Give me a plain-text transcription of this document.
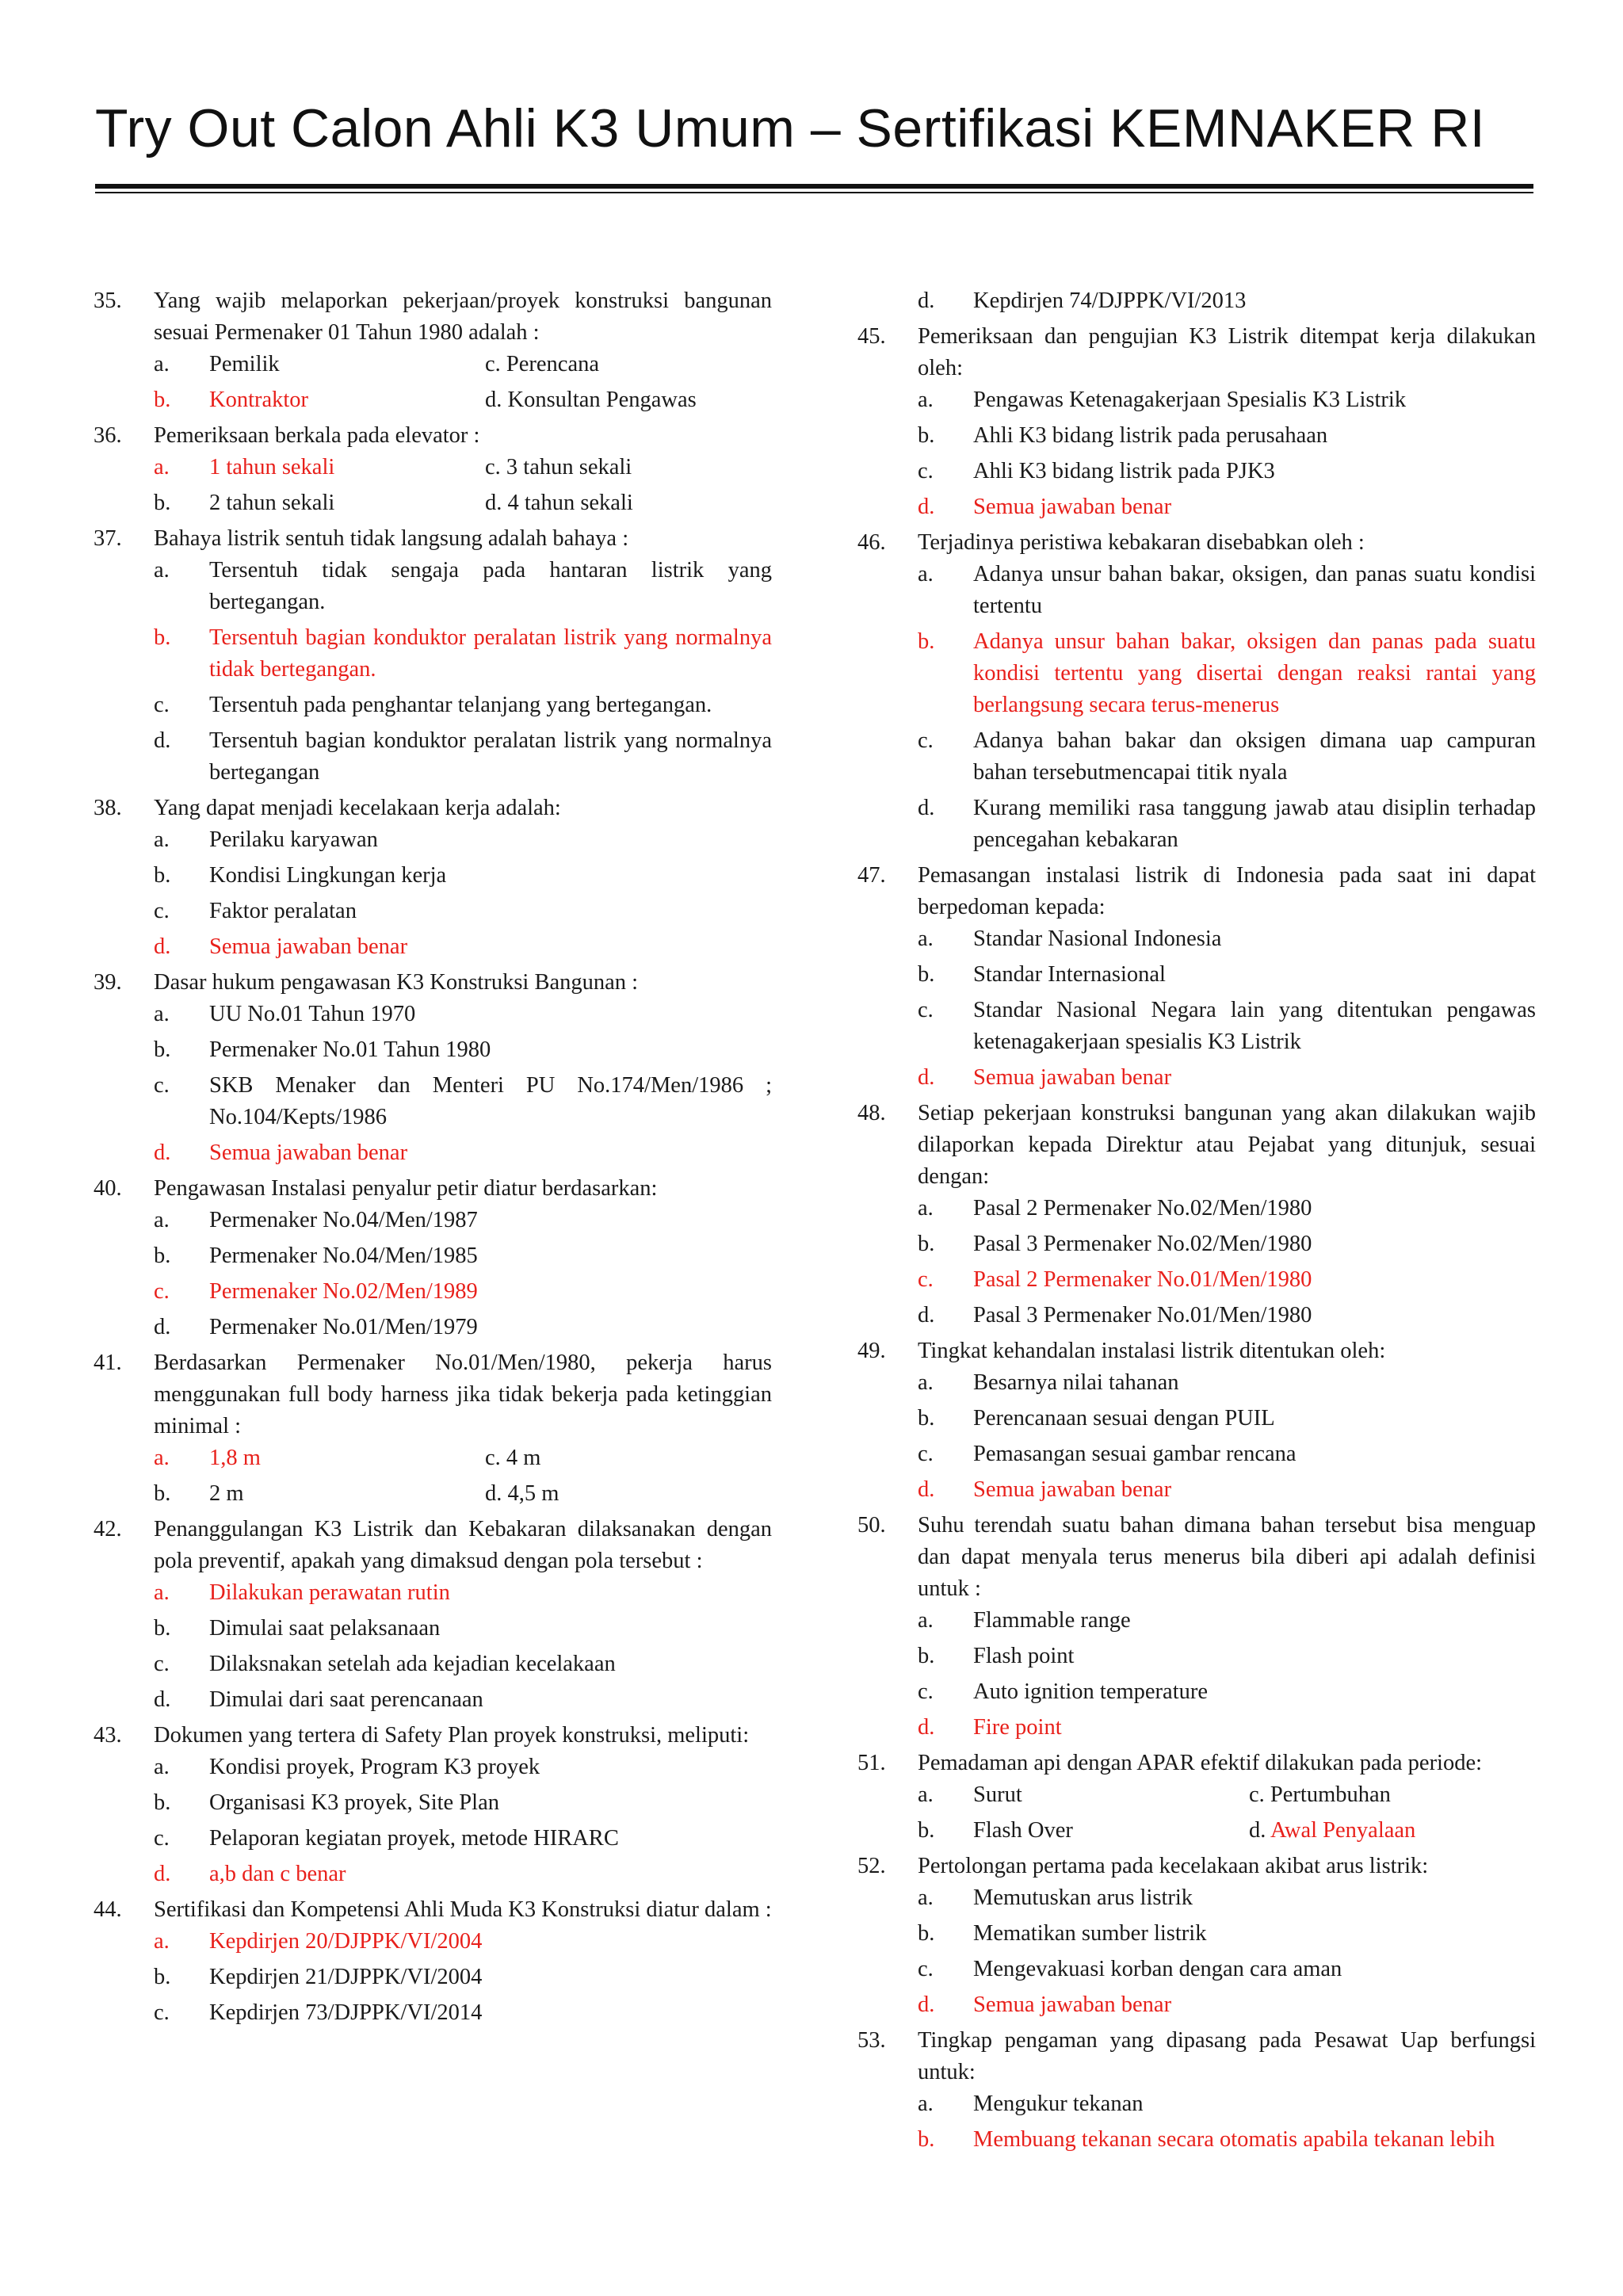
Try Out Calon Ahli K3 Umum – Sertifikasi KEMNAKER RI
35.	Yang wajib melaporkan pekerjaan/proyek konstruksi bangunan sesuai Permenaker 01 Tahun 1980 adalah :
a.	Pemilik	c. Perencana
b.	Kontraktor	d. Konsultan Pengawas
36.	Pemeriksaan berkala pada elevator :
a.	1 tahun sekali	c. 3 tahun sekali
b.	2 tahun sekali	d. 4 tahun sekali
37.	Bahaya listrik sentuh tidak langsung adalah bahaya :
a.	Tersentuh tidak sengaja pada hantaran listrik yang bertegangan.
b.	Tersentuh bagian konduktor peralatan listrik yang normalnya tidak bertegangan.
c.	Tersentuh pada penghantar telanjang yang bertegangan.
d.	Tersentuh bagian konduktor peralatan listrik yang normalnya bertegangan
38.	Yang dapat menjadi kecelakaan kerja adalah:
a.	Perilaku karyawan
b.	Kondisi Lingkungan kerja
c.	Faktor peralatan
d.	Semua jawaban benar
39.	Dasar hukum pengawasan K3 Konstruksi Bangunan :
a.	UU No.01 Tahun 1970
b.	Permenaker No.01 Tahun 1980
c.	SKB Menaker dan Menteri PU No.174/Men/1986 ; No.104/Kepts/1986
d.	Semua jawaban benar
40.	Pengawasan Instalasi penyalur petir diatur berdasarkan:
a.	Permenaker No.04/Men/1987
b.	Permenaker No.04/Men/1985
c.	Permenaker No.02/Men/1989
d.	Permenaker No.01/Men/1979
41.	Berdasarkan Permenaker No.01/Men/1980, pekerja harus menggunakan full body harness jika tidak bekerja pada ketinggian minimal :
a.	1,8 m	c. 4 m
b.	2 m	d. 4,5 m
42.	Penanggulangan K3 Listrik dan Kebakaran dilaksanakan dengan pola preventif, apakah yang dimaksud dengan pola tersebut :
a.	Dilakukan perawatan rutin
b.	Dimulai saat pelaksanaan
c.	Dilaksnakan setelah ada kejadian kecelakaan
d.	Dimulai dari saat perencanaan
43.	Dokumen yang tertera di Safety Plan proyek konstruksi, meliputi:
a.	Kondisi proyek, Program K3 proyek
b.	Organisasi K3 proyek, Site Plan
c.	Pelaporan kegiatan proyek, metode HIRARC
d.	a,b dan c benar
44.	Sertifikasi dan Kompetensi Ahli Muda K3 Konstruksi diatur dalam :
a.	Kepdirjen 20/DJPPK/VI/2004
b.	Kepdirjen 21/DJPPK/VI/2004
c.	Kepdirjen 73/DJPPK/VI/2014
d.	Kepdirjen 74/DJPPK/VI/2013
45.	Pemeriksaan dan pengujian K3 Listrik ditempat kerja dilakukan oleh:
a.	Pengawas Ketenagakerjaan Spesialis K3 Listrik
b.	Ahli K3 bidang listrik pada perusahaan
c.	Ahli K3 bidang listrik pada PJK3
d.	Semua jawaban benar
46.	Terjadinya peristiwa kebakaran disebabkan oleh :
a.	Adanya unsur bahan bakar, oksigen, dan panas suatu kondisi tertentu
b.	Adanya unsur bahan bakar, oksigen dan panas pada suatu kondisi tertentu yang disertai dengan reaksi rantai yang berlangsung secara terus-menerus
c.	Adanya bahan bakar dan oksigen dimana uap campuran bahan tersebutmencapai titik nyala
d.	Kurang memiliki rasa tanggung jawab atau disiplin terhadap pencegahan kebakaran
47.	Pemasangan instalasi listrik di Indonesia pada saat ini dapat berpedoman kepada:
a.	Standar Nasional Indonesia
b.	Standar Internasional
c.	Standar Nasional Negara lain yang ditentukan pengawas ketenagakerjaan spesialis K3 Listrik
d.	Semua jawaban benar
48.	Setiap pekerjaan konstruksi bangunan yang akan dilakukan wajib dilaporkan kepada Direktur atau Pejabat yang ditunjuk, sesuai dengan:
a.	Pasal 2 Permenaker No.02/Men/1980
b.	Pasal 3 Permenaker No.02/Men/1980
c.	Pasal 2 Permenaker No.01/Men/1980
d.	Pasal 3 Permenaker No.01/Men/1980
49.	Tingkat kehandalan instalasi listrik ditentukan oleh:
a.	Besarnya nilai tahanan
b.	Perencanaan sesuai dengan PUIL
c.	Pemasangan sesuai gambar rencana
d.	Semua jawaban benar
50.	Suhu terendah suatu bahan dimana bahan tersebut bisa menguap dan dapat menyala terus menerus bila diberi api adalah definisi untuk :
a.	Flammable range
b.	Flash point
c.	Auto ignition temperature
d.	Fire point
51.	Pemadaman api dengan APAR efektif dilakukan pada periode:
a.	Surut	c. Pertumbuhan
b.	Flash Over	d. Awal Penyalaan
52.	Pertolongan pertama pada kecelakaan akibat arus listrik:
a.	Memutuskan arus listrik
b.	Mematikan sumber listrik
c.	Mengevakuasi korban dengan cara aman
d.	Semua jawaban benar
53.	Tingkap pengaman yang dipasang pada Pesawat Uap berfungsi untuk:
a.	Mengukur tekanan
b.	Membuang tekanan secara otomatis apabila tekanan lebih
